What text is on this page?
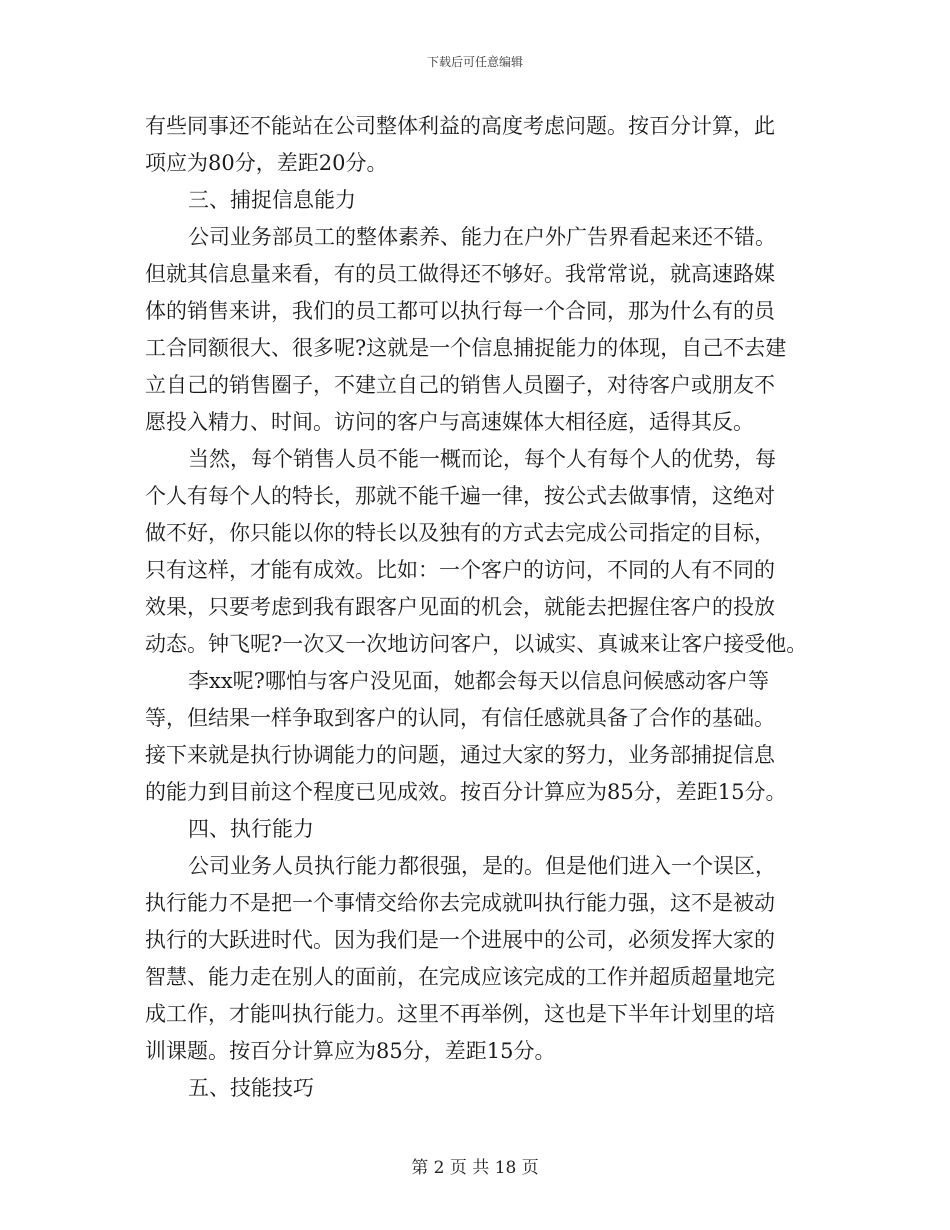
下载后可任意编辑
有些同事还不能站在公司整体利益的高度考虑问题。按百分计算，此
项应为80分，差距20分。
三、捕捉信息能力
公司业务部员工的整体素养、能力在户外广告界看起来还不错。
但就其信息量来看，有的员工做得还不够好。我常常说，就高速路媒
体的销售来讲，我们的员工都可以执行每一个合同，那为什么有的员
工合同额很大、很多呢?这就是一个信息捕捉能力的体现，自己不去建
立自己的销售圈子，不建立自己的销售人员圈子，对待客户或朋友不
愿投入精力、时间。访问的客户与高速媒体大相径庭，适得其反。
当然，每个销售人员不能一概而论，每个人有每个人的优势，每
个人有每个人的特长，那就不能千遍一律，按公式去做事情，这绝对
做不好，你只能以你的特长以及独有的方式去完成公司指定的目标，
只有这样，才能有成效。比如：一个客户的访问，不同的人有不同的
效果，只要考虑到我有跟客户见面的机会，就能去把握住客户的投放
动态。钟飞呢?一次又一次地访问客户，以诚实、真诚来让客户接受他。
李xx呢?哪怕与客户没见面，她都会每天以信息问候感动客户等
等，但结果一样争取到客户的认同，有信任感就具备了合作的基础。
接下来就是执行协调能力的问题，通过大家的努力，业务部捕捉信息
的能力到目前这个程度已见成效。按百分计算应为85分，差距15分。
四、执行能力
公司业务人员执行能力都很强，是的。但是他们进入一个误区，
执行能力不是把一个事情交给你去完成就叫执行能力强，这不是被动
执行的大跃进时代。因为我们是一个进展中的公司，必须发挥大家的
智慧、能力走在别人的面前，在完成应该完成的工作并超质超量地完
成工作，才能叫执行能力。这里不再举例，这也是下半年计划里的培
训课题。按百分计算应为85分，差距15分。
五、技能技巧
第 2 页 共 18 页
